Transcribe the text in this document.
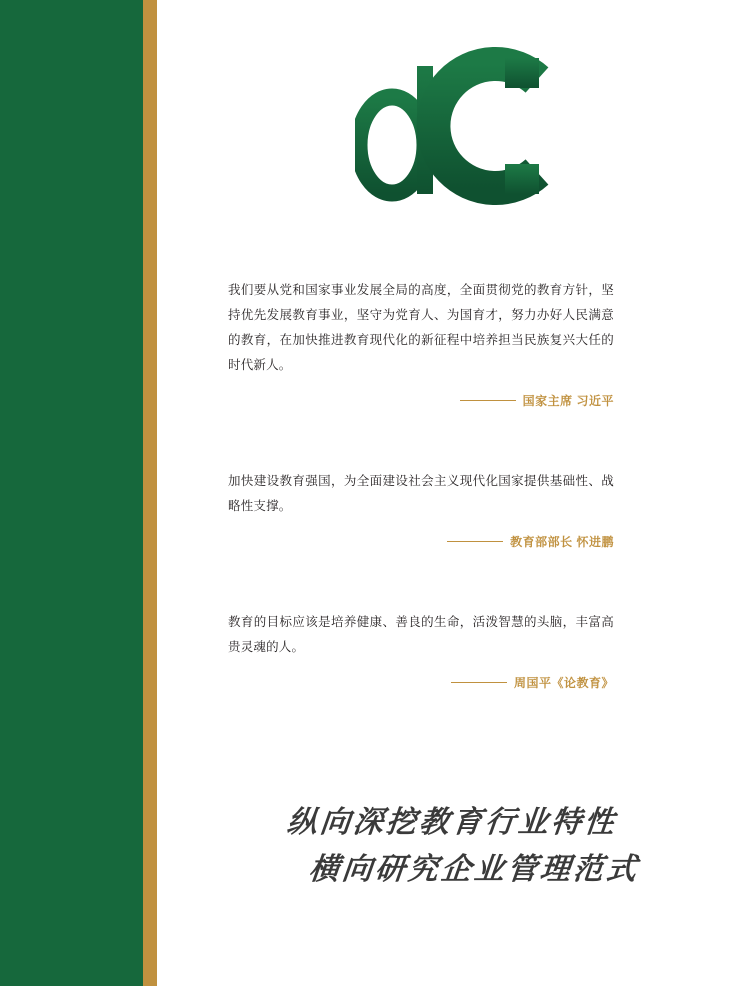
我们要从党和国家事业发展全局的高度，全面贯彻党的教育方针，坚持优先发展教育事业，坚守为党育人、为国育才，努力办好人民满意的教育，在加快推进教育现代化的新征程中培养担当民族复兴大任的时代新人。
国家主席 习近平
加快建设教育强国，为全面建设社会主义现代化国家提供基础性、战略性支撑。
教育部部长 怀进鹏
教育的目标应该是培养健康、善良的生命，活泼智慧的头脑，丰富高贵灵魂的人。
周国平《论教育》
纵向深挖教育行业特性
横向研究企业管理范式
